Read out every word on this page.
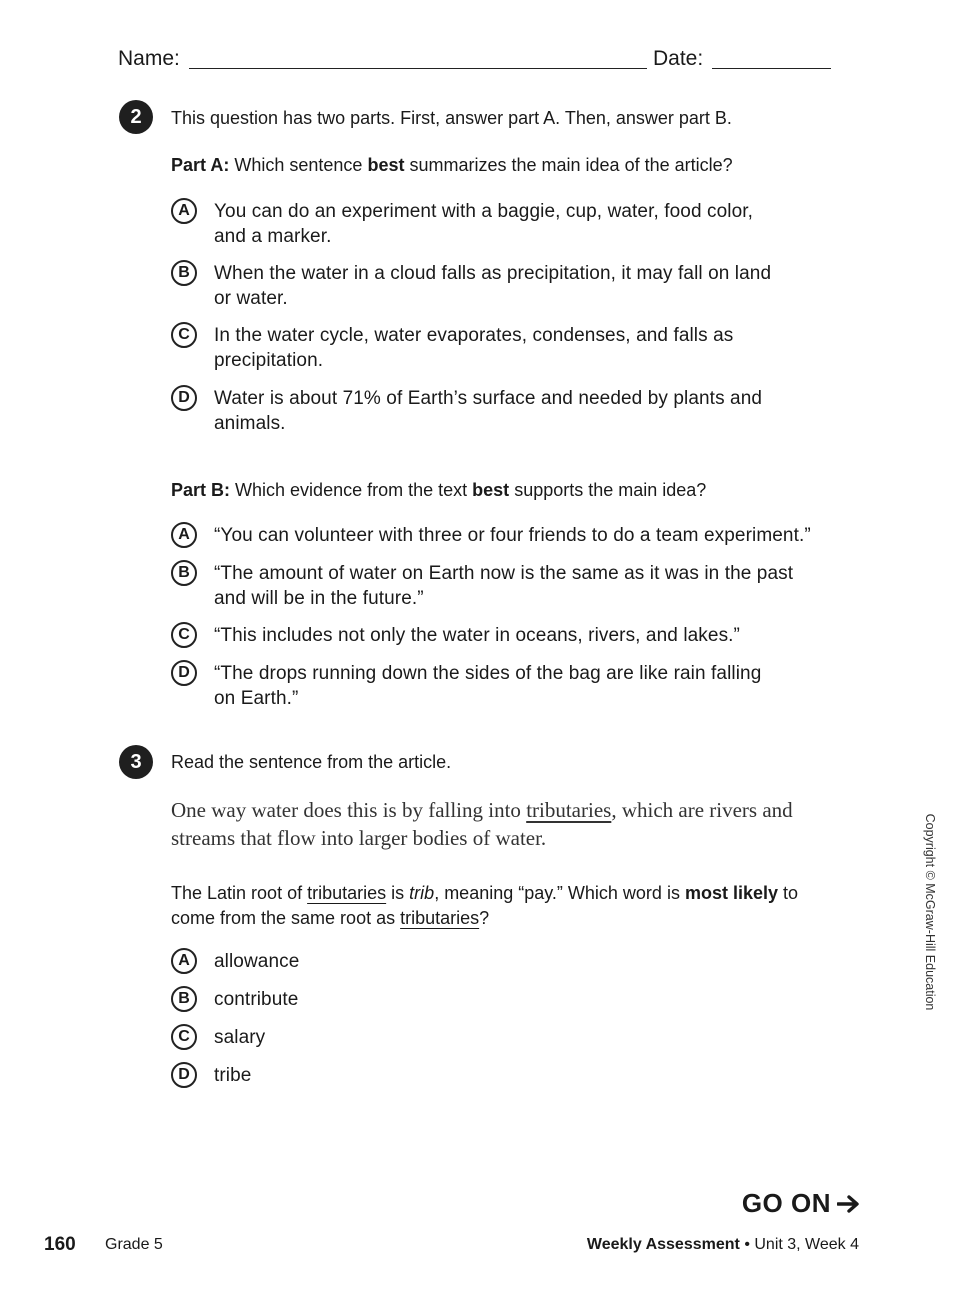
Name:	Date:
2	This question has two parts. First, answer part A. Then, answer part B.
Part A: Which sentence best summarizes the main idea of the article?
A	You can do an experiment with a baggie, cup, water, food color,
and a marker.
B	When the water in a cloud falls as precipitation, it may fall on land
or water.
C	In the water cycle, water evaporates, condenses, and falls as
precipitation.
D	Water is about 71% of Earth’s surface and needed by plants and
animals.
Part B: Which evidence from the text best supports the main idea?
A	“You can volunteer with three or four friends to do a team experiment.”
B	“The amount of water on Earth now is the same as it was in the past
and will be in the future.”
C	“This includes not only the water in oceans, rivers, and lakes.”
D	“The drops running down the sides of the bag are like rain falling
on Earth.”
3	Read the sentence from the article.
One way water does this is by falling into tributaries, which are rivers and
streams that flow into larger bodies of water.
The Latin root of tributaries is trib, meaning “pay.” Which word is most likely to
come from the same root as tributaries?
A	allowance
B	contribute
C	salary
D	tribe
Copyright © McGraw-Hill Education
GO ON
160 Grade 5	Weekly Assessment • Unit 3, Week 4
